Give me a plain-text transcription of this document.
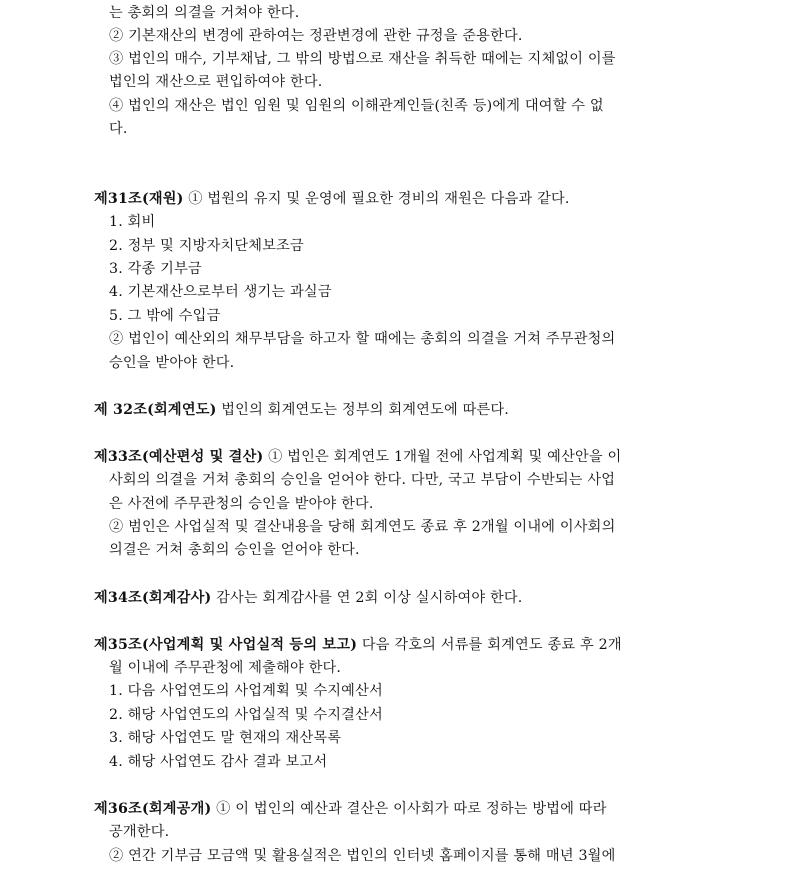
는 총회의 의결을 거쳐야 한다.
② 기본재산의 변경에 관하여는 정관변경에 관한 규정을 준용한다.
③ 법인의 매수, 기부채납, 그 밖의 방법으로 재산을 취득한 때에는 지체없이 이를
법인의 재산으로 편입하여야 한다.
④ 법인의 재산은 법인 임원 및 임원의 이해관계인들(친족 등)에게 대여할 수 없
다.
제31조(재원) ① 법원의 유지 및 운영에 필요한 경비의 재원은 다음과 같다.
1. 회비
2. 정부 및 지방자치단체보조금
3. 각종 기부금
4. 기본재산으로부터 생기는 과실금
5. 그 밖에 수입금
② 법인이 예산외의 채무부담을 하고자 할 때에는 총회의 의결을 거쳐 주무관청의
승인을 받아야 한다.
제 32조(회계연도) 법인의 회계연도는 정부의 회계연도에 따른다.
제33조(예산편성 및 결산) ① 법인은 회계연도 1개월 전에 사업계획 및 예산안을 이
사회의 의결을 거쳐 총회의 승인을 얻어야 한다. 다만, 국고 부담이 수반되는 사업
은 사전에 주무관청의 승인을 받아야 한다.
② 범인은 사업실적 및 결산내용을 당해 회계연도 종료 후 2개월 이내에 이사회의
의결은 거쳐 총회의 승인을 얻어야 한다.
제34조(회계감사) 감사는 회계감사를 연 2회 이상 실시하여야 한다.
제35조(사업계획 및 사업실적 등의 보고) 다음 각호의 서류를 회계연도 종료 후 2개
월 이내에 주무관청에 제출해야 한다.
1. 다음 사업연도의 사업계획 및 수지예산서
2. 해당 사업연도의 사업실적 및 수지결산서
3. 해당 사업연도 말 현재의 재산목록
4. 해당 사업연도 감사 결과 보고서
제36조(회계공개) ① 이 법인의 예산과 결산은 이사회가 따로 정하는 방법에 따라
공개한다.
② 연간 기부금 모금액 및 활용실적은 법인의 인터넷 홈페이지를 통해 매년 3월에
